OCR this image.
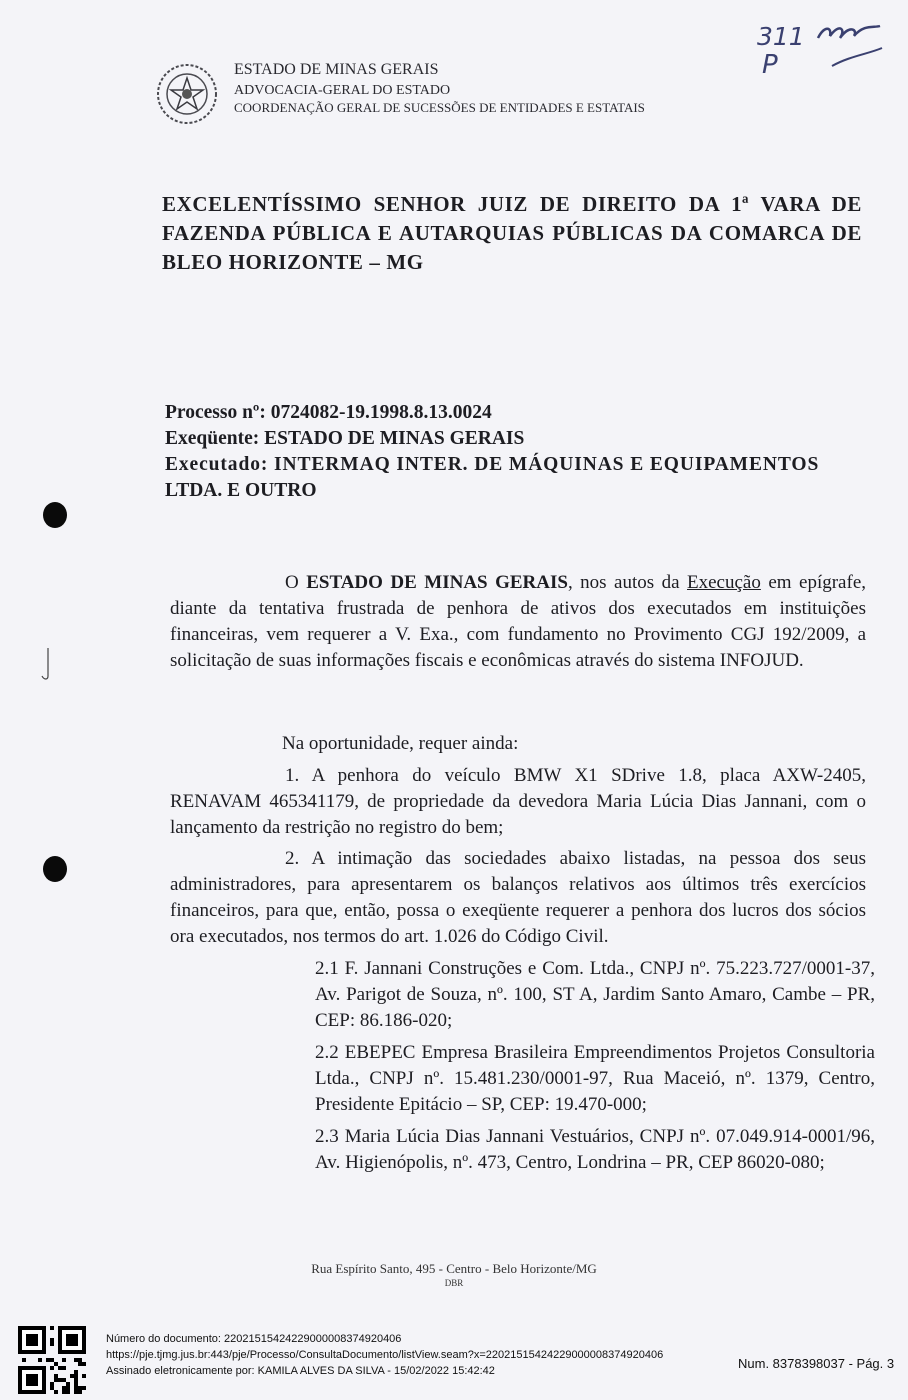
ESTADO DE MINAS GERAIS
ADVOCACIA-GERAL DO ESTADO
COORDENAÇÃO GERAL DE SUCESSÕES DE ENTIDADES E ESTATAIS
311
P
EXCELENTÍSSIMO SENHOR JUIZ DE DIREITO DA 1ª VARA DE FAZENDA PÚBLICA E AUTARQUIAS PÚBLICAS DA COMARCA DE BLEO HORIZONTE – MG
Processo nº: 0724082-19.1998.8.13.0024
Exeqüente: ESTADO DE MINAS GERAIS
Executado: INTERMAQ INTER. DE MÁQUINAS E EQUIPAMENTOS
LTDA. E OUTRO
O ESTADO DE MINAS GERAIS, nos autos da Execução em epígrafe, diante da tentativa frustrada de penhora de ativos dos executados em instituições financeiras, vem requerer a V. Exa., com fundamento no Provimento CGJ 192/2009, a solicitação de suas informações fiscais e econômicas através do sistema INFOJUD.
Na oportunidade, requer ainda:
1. A penhora do veículo BMW X1 SDrive 1.8, placa AXW-2405, RENAVAM 465341179, de propriedade da devedora Maria Lúcia Dias Jannani, com o lançamento da restrição no registro do bem;
2. A intimação das sociedades abaixo listadas, na pessoa dos seus administradores, para apresentarem os balanços relativos aos últimos três exercícios financeiros, para que, então, possa o exeqüente requerer a penhora dos lucros dos sócios ora executados, nos termos do art. 1.026 do Código Civil.
2.1 F. Jannani Construções e Com. Ltda., CNPJ nº. 75.223.727/0001-37, Av. Parigot de Souza, nº. 100, ST A, Jardim Santo Amaro, Cambe – PR, CEP: 86.186-020;
2.2 EBEPEC Empresa Brasileira Empreendimentos Projetos Consultoria Ltda., CNPJ nº. 15.481.230/0001-97, Rua Maceió, nº. 1379, Centro, Presidente Epitácio – SP, CEP: 19.470-000;
2.3 Maria Lúcia Dias Jannani Vestuários, CNPJ nº. 07.049.914-0001/96, Av. Higienópolis, nº. 473, Centro, Londrina – PR, CEP 86020-080;
Rua Espírito Santo, 495 - Centro - Belo Horizonte/MG
DBR
Número do documento: 22021515424229000008374920406
https://pje.tjmg.jus.br:443/pje/Processo/ConsultaDocumento/listView.seam?x=22021515424229000008374920406
Assinado eletronicamente por: KAMILA ALVES DA SILVA - 15/02/2022 15:42:42	Num. 8378398037 - Pág. 3
